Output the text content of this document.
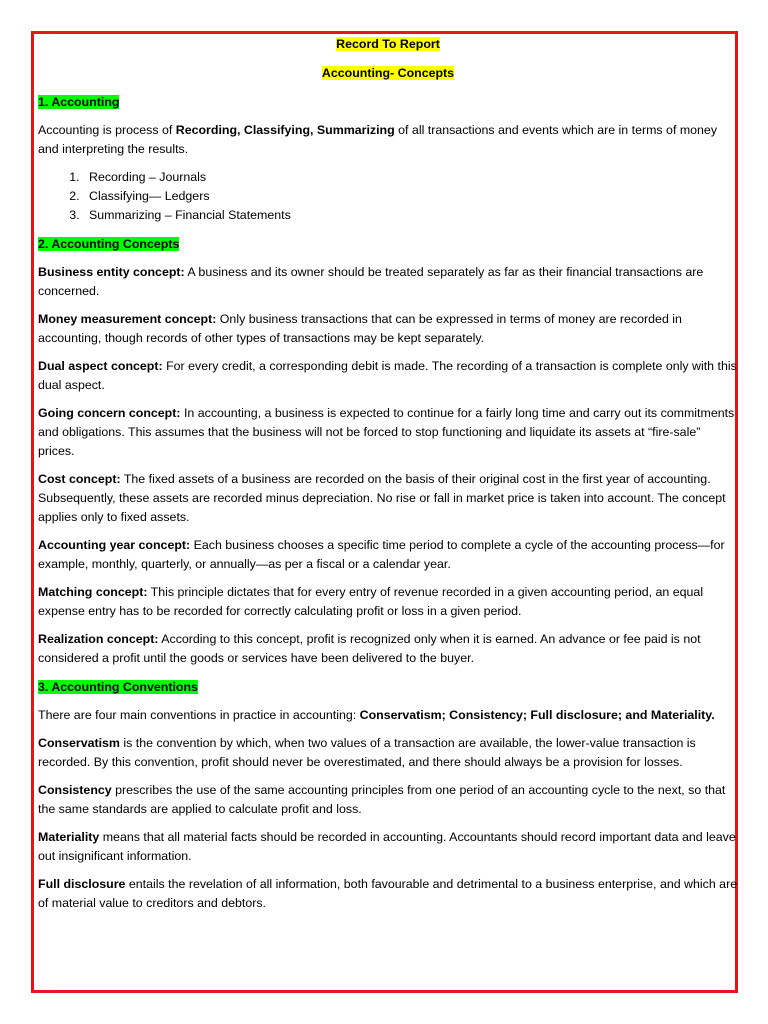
Record To Report

Accounting- Concepts

1. Accounting

Accounting is process of Recording, Classifying, Summarizing of all transactions and events which are in terms of money and interpreting the results.

1. Recording – Journals
2. Classifying— Ledgers
3. Summarizing – Financial Statements

2. Accounting Concepts

Business entity concept: A business and its owner should be treated separately as far as their financial transactions are concerned.

Money measurement concept: Only business transactions that can be expressed in terms of money are recorded in accounting, though records of other types of transactions may be kept separately.

Dual aspect concept: For every credit, a corresponding debit is made. The recording of a transaction is complete only with this dual aspect.

Going concern concept: In accounting, a business is expected to continue for a fairly long time and carry out its commitments and obligations. This assumes that the business will not be forced to stop functioning and liquidate its assets at “fire-sale” prices.

Cost concept: The fixed assets of a business are recorded on the basis of their original cost in the first year of accounting. Subsequently, these assets are recorded minus depreciation. No rise or fall in market price is taken into account. The concept applies only to fixed assets.

Accounting year concept: Each business chooses a specific time period to complete a cycle of the accounting process—for example, monthly, quarterly, or annually—as per a fiscal or a calendar year.

Matching concept: This principle dictates that for every entry of revenue recorded in a given accounting period, an equal expense entry has to be recorded for correctly calculating profit or loss in a given period.

Realization concept: According to this concept, profit is recognized only when it is earned. An advance or fee paid is not considered a profit until the goods or services have been delivered to the buyer.

3. Accounting Conventions

There are four main conventions in practice in accounting: Conservatism; Consistency; Full disclosure; and Materiality.

Conservatism is the convention by which, when two values of a transaction are available, the lower-value transaction is recorded. By this convention, profit should never be overestimated, and there should always be a provision for losses.

Consistency prescribes the use of the same accounting principles from one period of an accounting cycle to the next, so that the same standards are applied to calculate profit and loss.

Materiality means that all material facts should be recorded in accounting. Accountants should record important data and leave out insignificant information.

Full disclosure entails the revelation of all information, both favourable and detrimental to a business enterprise, and which are of material value to creditors and debtors.
